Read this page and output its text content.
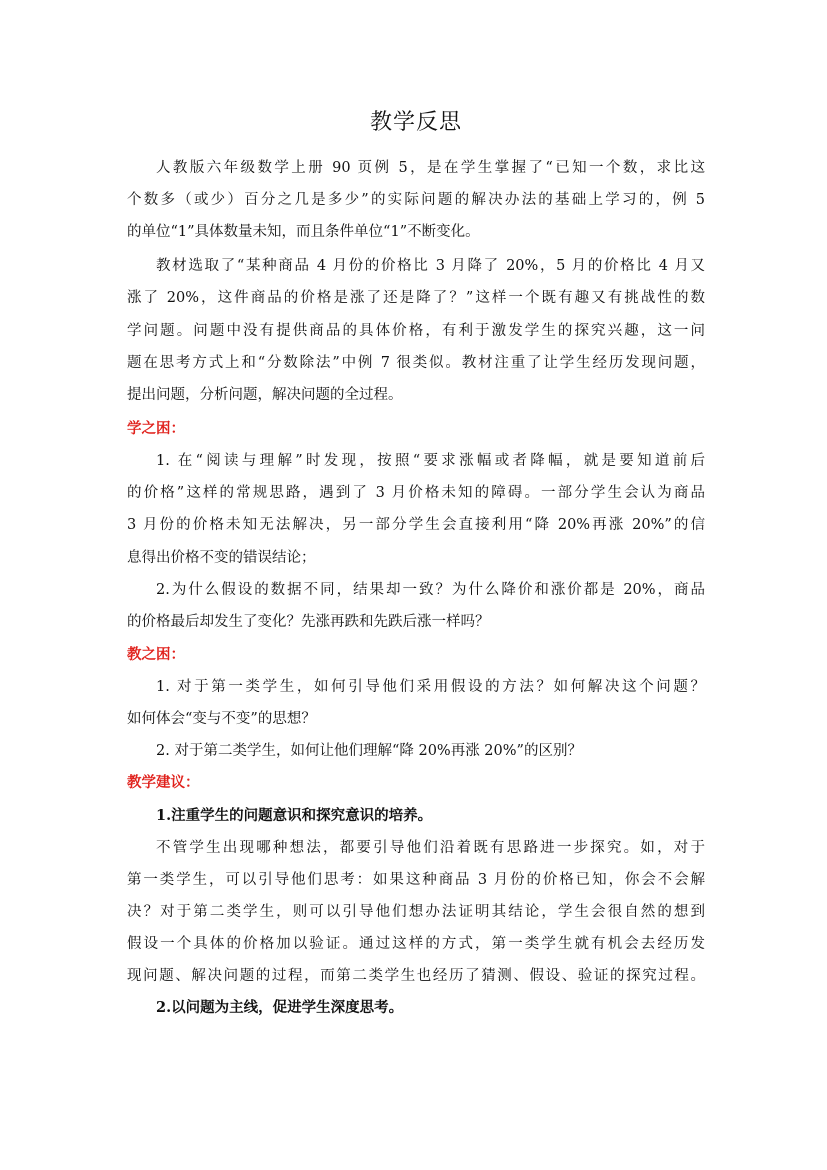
教学反思
人教版六年级数学上册 90 页例 5，是在学生掌握了“已知一个数，求比这
个数多（或少）百分之几是多少”的实际问题的解决办法的基础上学习的，例 5
的单位“1”具体数量未知，而且条件单位“1”不断变化。
教材选取了“某种商品 4 月份的价格比 3 月降了 20%，5 月的价格比 4 月又
涨了 20%，这件商品的价格是涨了还是降了？”这样一个既有趣又有挑战性的数
学问题。问题中没有提供商品的具体价格，有利于激发学生的探究兴趣，这一问
题在思考方式上和“分数除法”中例 7 很类似。教材注重了让学生经历发现问题，
提出问题，分析问题，解决问题的全过程。
学之困：
1. 在“阅读与理解”时发现，按照“要求涨幅或者降幅，就是要知道前后
的价格”这样的常规思路，遇到了 3 月价格未知的障碍。一部分学生会认为商品
3 月份的价格未知无法解决，另一部分学生会直接利用“降 20%再涨 20%”的信
息得出价格不变的错误结论；
2.为什么假设的数据不同，结果却一致？为什么降价和涨价都是 20%，商品
的价格最后却发生了变化？先涨再跌和先跌后涨一样吗？
教之困：
1. 对于第一类学生，如何引导他们采用假设的方法？如何解决这个问题？
如何体会“变与不变”的思想？
2. 对于第二类学生，如何让他们理解“降 20%再涨 20%”的区别？
教学建议：
1.注重学生的问题意识和探究意识的培养。
不管学生出现哪种想法，都要引导他们沿着既有思路进一步探究。如，对于
第一类学生，可以引导他们思考：如果这种商品 3 月份的价格已知，你会不会解
决？对于第二类学生，则可以引导他们想办法证明其结论，学生会很自然的想到
假设一个具体的价格加以验证。通过这样的方式，第一类学生就有机会去经历发
现问题、解决问题的过程，而第二类学生也经历了猜测、假设、验证的探究过程。
2.以问题为主线，促进学生深度思考。
